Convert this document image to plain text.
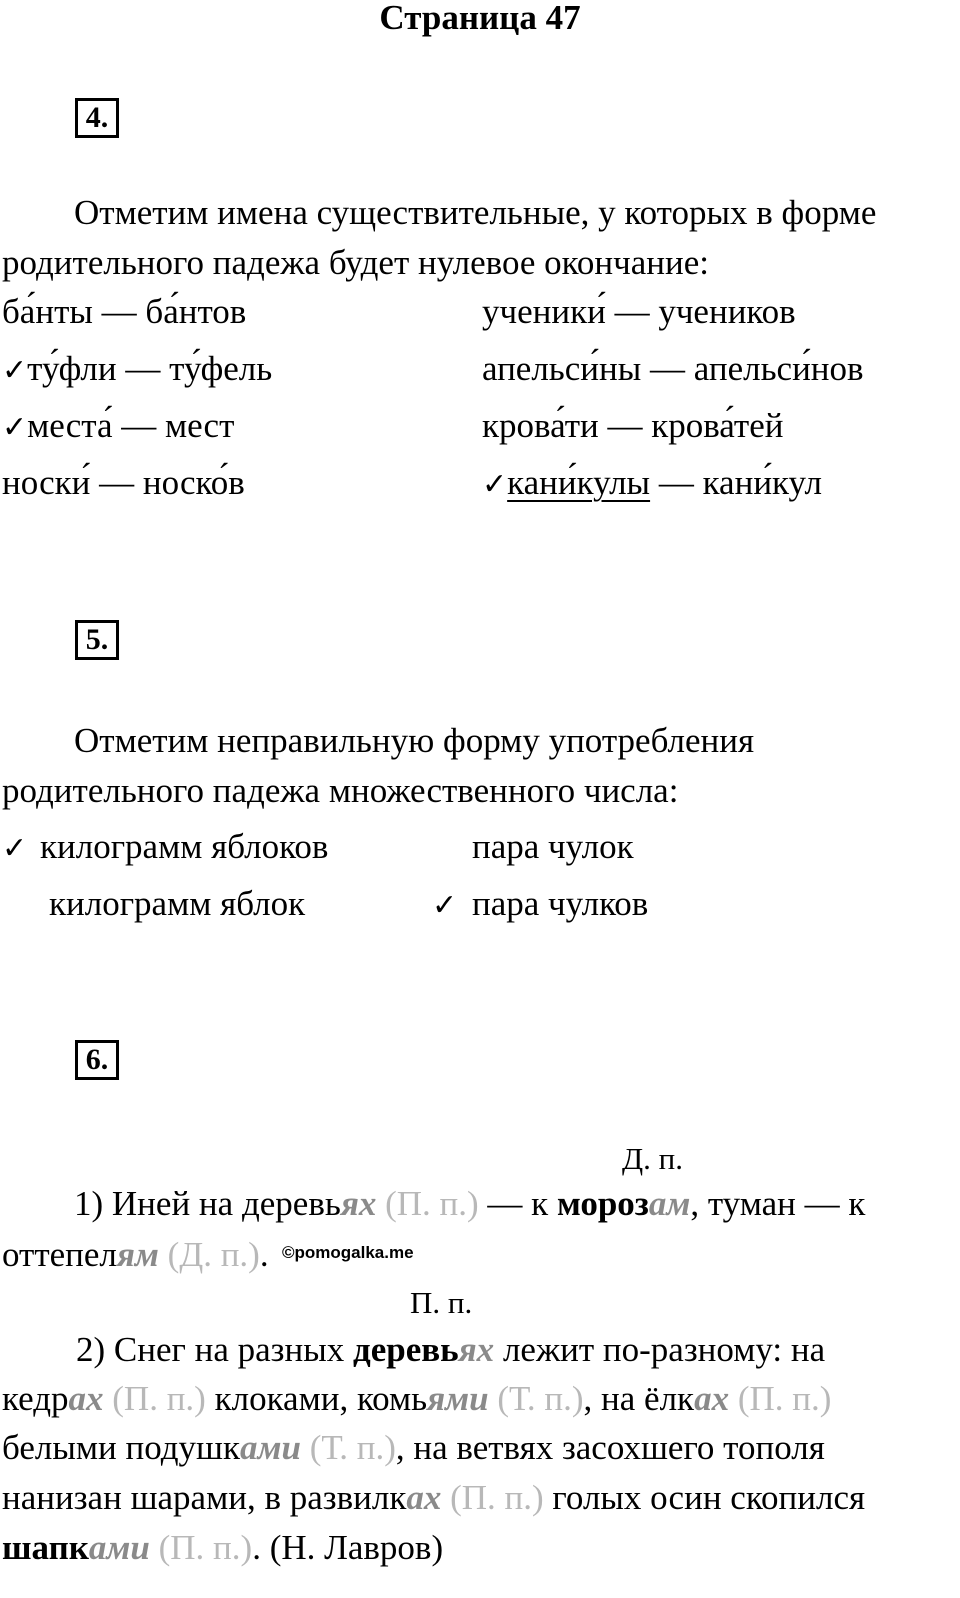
Страница 47
4.
Отметим имена существительные, у которых в форме
родительного падежа будет нулевое окончание:
ба́нты — ба́нтов
✓ту́фли — ту́фель
✓места́ — мест
носки́ — носко́в
ученики́ — учеников
апельси́ны — апельси́нов
крова́ти — крова́тей
✓кани́кулы — кани́кул
5.
Отметим неправильную форму употребления
родительного падежа множественного числа:
✓ килограмм яблоков	пара чулок
килограмм яблок	✓ пара чулков
6.
Д. п.
1) Иней на деревьях (П. п.) — к морозам, туман — к
оттепелям (Д. п.). ©pomogalka.me
П. п.
2) Снег на разных деревьях лежит по-разному: на
кедрах (П. п.) клоками, комьями (Т. п.), на ёлках (П. п.)
белыми подушками (Т. п.), на ветвях засохшего тополя
нанизан шарами, в развилках (П. п.) голых осин скопился
шапками (П. п.). (Н. Лавров)
